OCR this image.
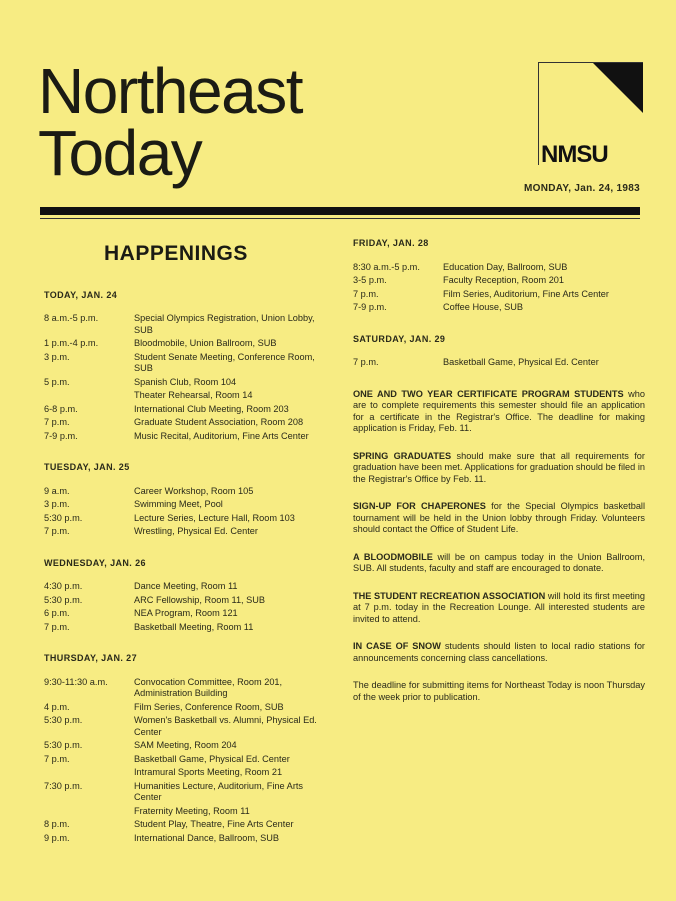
Northeast
Today	NMSU
MONDAY, Jan. 24, 1983
HAPPENINGS
TODAY, JAN. 24
8 a.m.-5 p.m.	Special Olympics Registration, Union Lobby, SUB
1 p.m.-4 p.m.	Bloodmobile, Union Ballroom, SUB
3 p.m.	Student Senate Meeting, Conference Room, SUB
5 p.m.	Spanish Club, Room 104
Theater Rehearsal, Room 14
6-8 p.m.	International Club Meeting, Room 203
7 p.m.	Graduate Student Association, Room 208
7-9 p.m.	Music Recital, Auditorium, Fine Arts Center
TUESDAY, JAN. 25
9 a.m.	Career Workshop, Room 105
3 p.m.	Swimming Meet, Pool
5:30 p.m.	Lecture Series, Lecture Hall, Room 103
7 p.m.	Wrestling, Physical Ed. Center
WEDNESDAY, JAN. 26
4:30 p.m.	Dance Meeting, Room 11
5:30 p.m.	ARC Fellowship, Room 11, SUB
6 p.m.	NEA Program, Room 121
7 p.m.	Basketball Meeting, Room 11
THURSDAY, JAN. 27
9:30-11:30 a.m.	Convocation Committee, Room 201, Administration Building
4 p.m.	Film Series, Conference Room, SUB
5:30 p.m.	Women's Basketball vs. Alumni, Physical Ed. Center
5:30 p.m.	SAM Meeting, Room 204
7 p.m.	Basketball Game, Physical Ed. Center
Intramural Sports Meeting, Room 21
7:30 p.m.	Humanities Lecture, Auditorium, Fine Arts Center
Fraternity Meeting, Room 11
8 p.m.	Student Play, Theatre, Fine Arts Center
9 p.m.	International Dance, Ballroom, SUB
FRIDAY, JAN. 28
8:30 a.m.-5 p.m.	Education Day, Ballroom, SUB
3-5 p.m.	Faculty Reception, Room 201
7 p.m.	Film Series, Auditorium, Fine Arts Center
7-9 p.m.	Coffee House, SUB
SATURDAY, JAN. 29
7 p.m.	Basketball Game, Physical Ed. Center

ONE AND TWO YEAR CERTIFICATE PROGRAM STUDENTS who are to complete requirements this semester should file an application for a certificate in the Registrar's Office. The deadline for making application is Friday, Feb. 11.

SPRING GRADUATES should make sure that all requirements for graduation have been met. Applications for graduation should be filed in the Registrar's Office by Feb. 11.

SIGN-UP FOR CHAPERONES for the Special Olympics basketball tournament will be held in the Union lobby through Friday. Volunteers should contact the Office of Student Life.

A BLOODMOBILE will be on campus today in the Union Ballroom, SUB. All students, faculty and staff are encouraged to donate.

THE STUDENT RECREATION ASSOCIATION will hold its first meeting at 7 p.m. today in the Recreation Lounge. All interested students are invited to attend.

IN CASE OF SNOW students should listen to local radio stations for announcements concerning class cancellations.

The deadline for submitting items for Northeast Today is noon Thursday of the week prior to publication.
